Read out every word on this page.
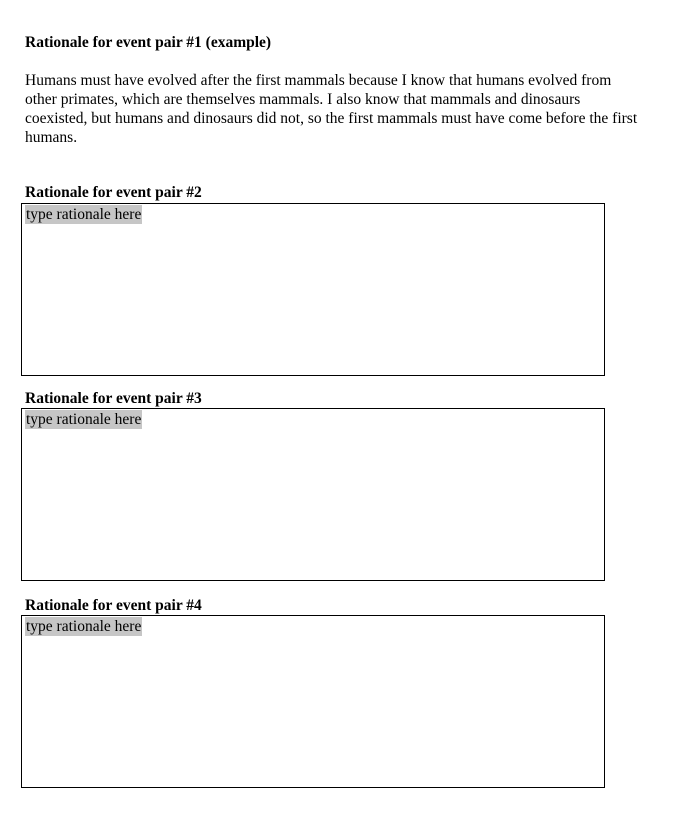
Rationale for event pair #1 (example)
Humans must have evolved after the first mammals because I know that humans evolved from other primates, which are themselves mammals. I also know that mammals and dinosaurs coexisted, but humans and dinosaurs did not, so the first mammals must have come before the first humans.
Rationale for event pair #2
type rationale here
Rationale for event pair #3
type rationale here
Rationale for event pair #4
type rationale here
